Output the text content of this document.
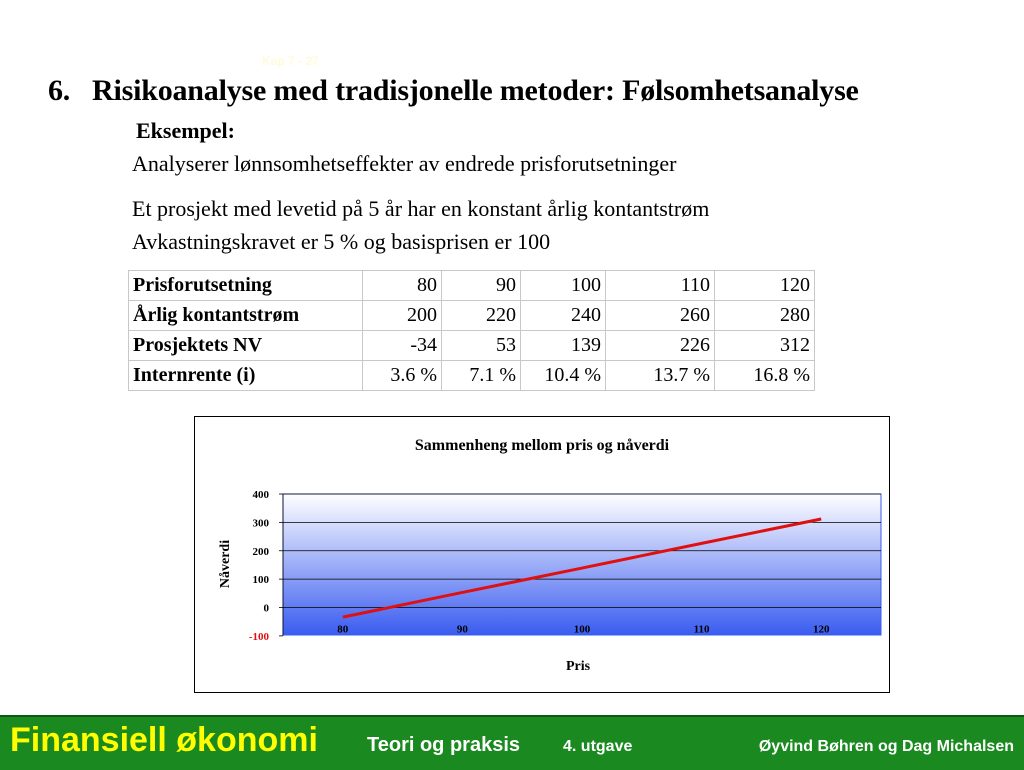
Kap 7 - 27
6. Risikoanalyse med tradisjonelle metoder: Følsomhetsanalyse
Eksempel:
Analyserer lønnsomhetseffekter av endrede prisforutsetninger
Et prosjekt med levetid på 5 år har en konstant årlig kontantstrøm
Avkastningskravet er 5 % og basisprisen er 100
Prisforutsetning	80	90	100	110	120
Årlig kontantstrøm	200	220	240	260	280
Prosjektets NV	-34	53	139	226	312
Internrente (i)	3.6 %	7.1 %	10.4 %	13.7 %	16.8 %
400
300
200
100
0
-100
80	90	100	110	120
Sammenheng mellom pris og nåverdi
Pris
Nåverdi
Finansiell økonomi Teori og praksis	4. utgave	Øyvind Bøhren og Dag Michalsen
